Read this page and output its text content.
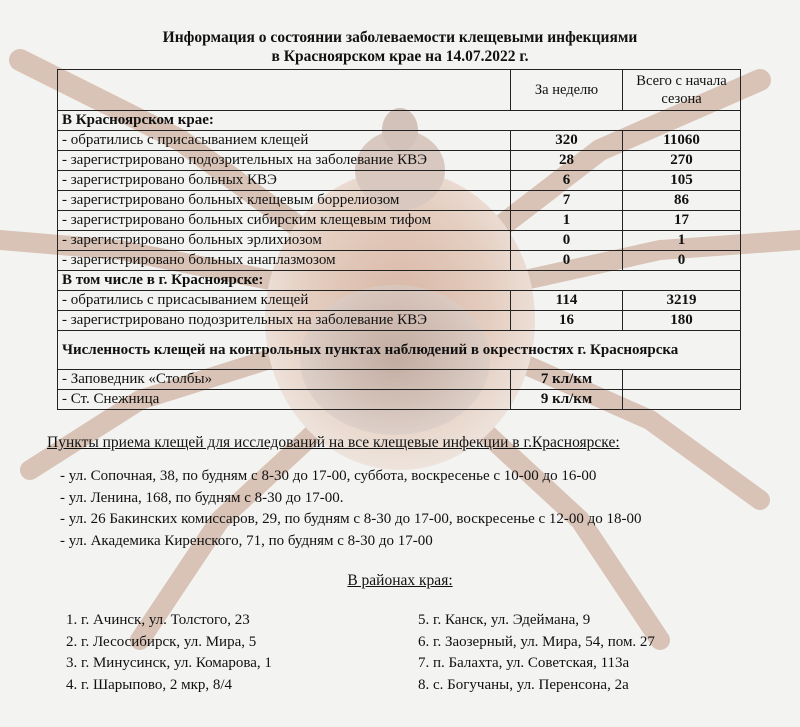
Информация о состоянии заболеваемости клещевыми инфекциями
в Красноярском крае на 14.07.2022 г.
	За неделю	Всего с начала сезона
В Красноярском крае:		
- обратились с присасыванием клещей	320	11060
- зарегистрировано подозрительных на заболевание КВЭ	28	270
- зарегистрировано больных КВЭ	6	105
- зарегистрировано больных клещевым боррелиозом	7	86
- зарегистрировано больных сибирским клещевым тифом	1	17
- зарегистрировано больных эрлихиозом	0	1
- зарегистрировано больных анаплазмозом	0	0
В том числе в г. Красноярске:		
- обратились с присасыванием клещей	114	3219
- зарегистрировано подозрительных на заболевание КВЭ	16	180
Численность клещей на контрольных пунктах наблюдений в окрестностях г. Красноярска		
- Заповедник «Столбы»	7 кл/км	
- Ст. Снежница	9 кл/км	
Пункты приема клещей для исследований на все клещевые инфекции в г.Красноярске:
- ул. Сопочная, 38, по будням с 8-30 до 17-00, суббота, воскресенье с 10-00 до 16-00
- ул. Ленина, 168, по будням с 8-30 до 17-00.
- ул. 26 Бакинских комиссаров, 29, по будням с 8-30 до 17-00, воскресенье с 12-00 до 18-00
- ул. Академика Киренского, 71, по будням с 8-30 до 17-00
В районах края:
1. г. Ачинск, ул. Толстого, 23
2. г. Лесосибирск, ул. Мира, 5
3. г. Минусинск, ул. Комарова, 1
4. г. Шарыпово, 2 мкр, 8/4
5. г. Канск, ул. Эдеймана, 9
6. г. Заозерный, ул. Мира, 54, пом. 27
7. п. Балахта, ул. Советская, 113а
8. с. Богучаны, ул. Перенсона, 2а
